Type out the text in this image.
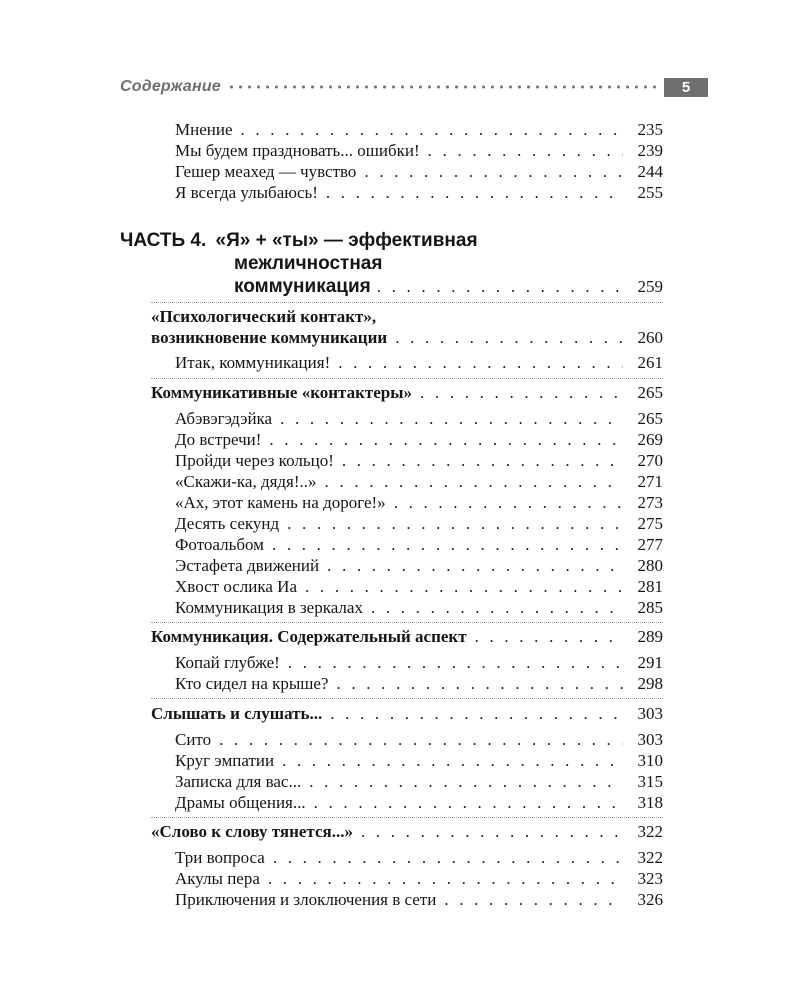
Содержание	5
Мнение . . .	235
Мы будем праздновать... ошибки! . . .	239
Гешер меахед — чувство . . .	244
Я всегда улыбаюсь! . . .	255
ЧАСТЬ 4. «Я» + «ты» — эффективная
межличностная
коммуникация . . .	259
«Психологический контакт»,
возникновение коммуникации . . .	260
Итак, коммуникация! . . .	261
Коммуникативные «контактеры» . . .	265
Абэвэгэдэйка . . .	265
До встречи! . . .	269
Пройди через кольцо! . . .	270
«Скажи-ка, дядя!..» . . .	271
«Ах, этот камень на дороге!» . . .	273
Десять секунд . . .	275
Фотоальбом . . .	277
Эстафета движений . . .	280
Хвост ослика Иа . . .	281
Коммуникация в зеркалах . . .	285
Коммуникация. Содержательный аспект . . .	289
Копай глубже! . . .	291
Кто сидел на крыше? . . .	298
Слышать и слушать... . . .	303
Сито . . .	303
Круг эмпатии . . .	310
Записка для вас... . . .	315
Драмы общения... . . .	318
«Слово к слову тянется...» . . .	322
Три вопроса . . .	322
Акулы пера . . .	323
Приключения и злоключения в сети . . .	326
